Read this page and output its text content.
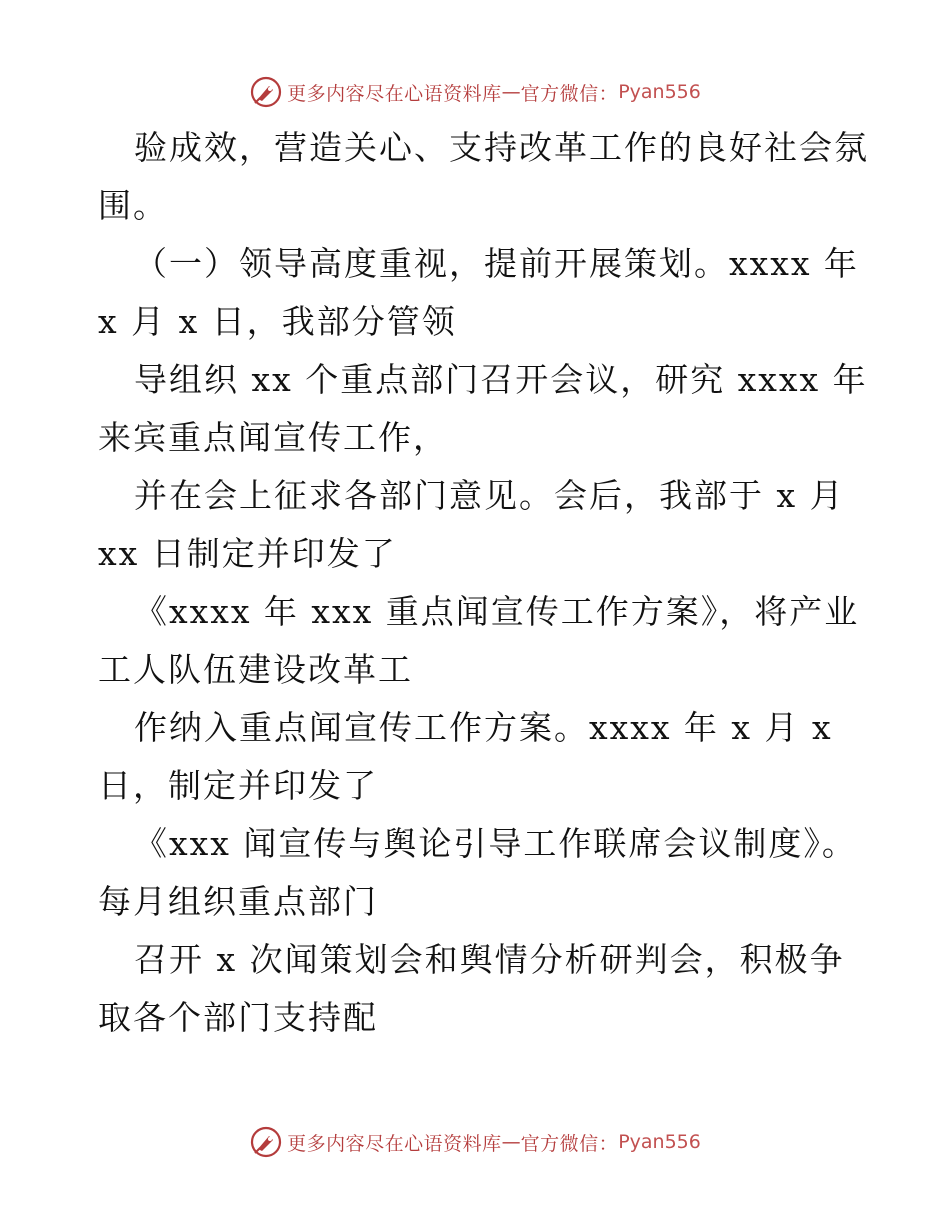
更多内容尽在心语资料库 — 官方微信： Pyan556
验成效，营造关心、支持改革工作的良好社会氛
围。
（一）领导高度重视，提前开展策划。xxxx 年
x 月 x 日，我部分管领
导组织 xx 个重点部门召开会议，研究 xxxx 年
来宾重点闻宣传工作，
并在会上征求各部门意见。会后，我部于 x 月
xx 日制定并印发了
《xxxx 年 xxx 重点闻宣传工作方案》，将产业
工人队伍建设改革工
作纳入重点闻宣传工作方案。xxxx 年 x 月 x
日，制定并印发了
《xxx 闻宣传与舆论引导工作联席会议制度》。
每月组织重点部门
召开 x 次闻策划会和舆情分析研判会，积极争
取各个部门支持配
更多内容尽在心语资料库 — 官方微信： Pyan556
